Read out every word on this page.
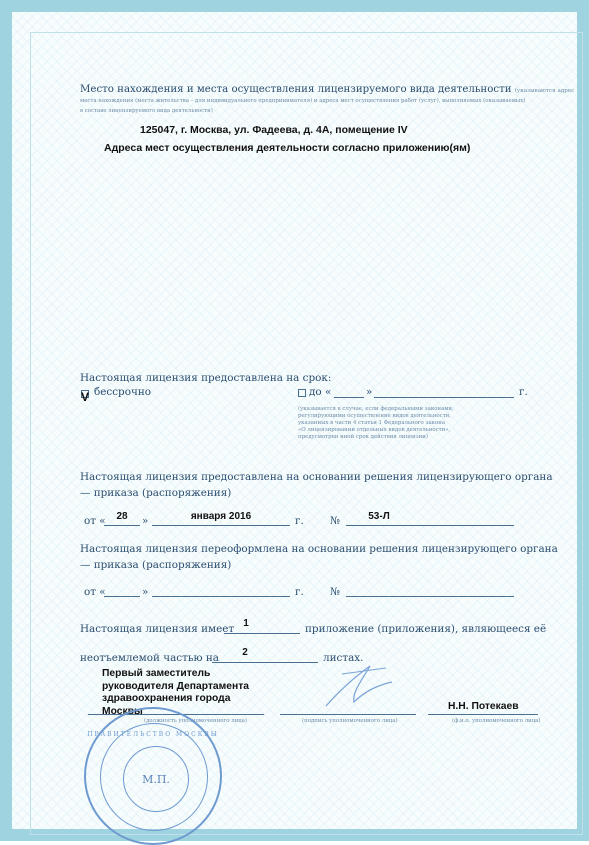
Место нахождения и места осуществления лицензируемого вида деятельности (указываются адрес
места нахождения (места жительства – для индивидуального предпринимателя) и адреса мест осуществления работ (услуг), выполняемых (оказываемых)
в составе лицензируемого вида деятельности)
125047, г. Москва, ул. Фадеева, д. 4А, помещение IV
Адреса мест осуществления деятельности согласно приложению(ям)
Настоящая лицензия предоставлена на срок:
V бессрочно	до «	»	г.
(указывается в случае, если федеральными законами,
регулирующими осуществление видов деятельности,
указанных в части 4 статьи 1 Федерального закона
«О лицензировании отдельных видов деятельности»,
предусмотрен иной срок действия лицензии)
Настоящая лицензия предоставлена на основании решения лицензирующего органа
— приказа (распоряжения)
от «	28	»	января 2016	г.	№	53-Л
Настоящая лицензия переоформлена на основании решения лицензирующего органа
— приказа (распоряжения)
от «	»	г.	№
Настоящая лицензия имеет 1	приложение (приложения), являющееся её
неотъемлемой частью на	2	листах.
Первый заместитель
руководителя Департамента
здравоохранения города
Москвы
(должность уполномоченного лица)	(подпись уполномоченного лица)
Н.Н. Потекаев
(ф.и.о. уполномоченного лица)
ПРАВИТЕЛЬСТВО МОСКВЫ
М.П.
